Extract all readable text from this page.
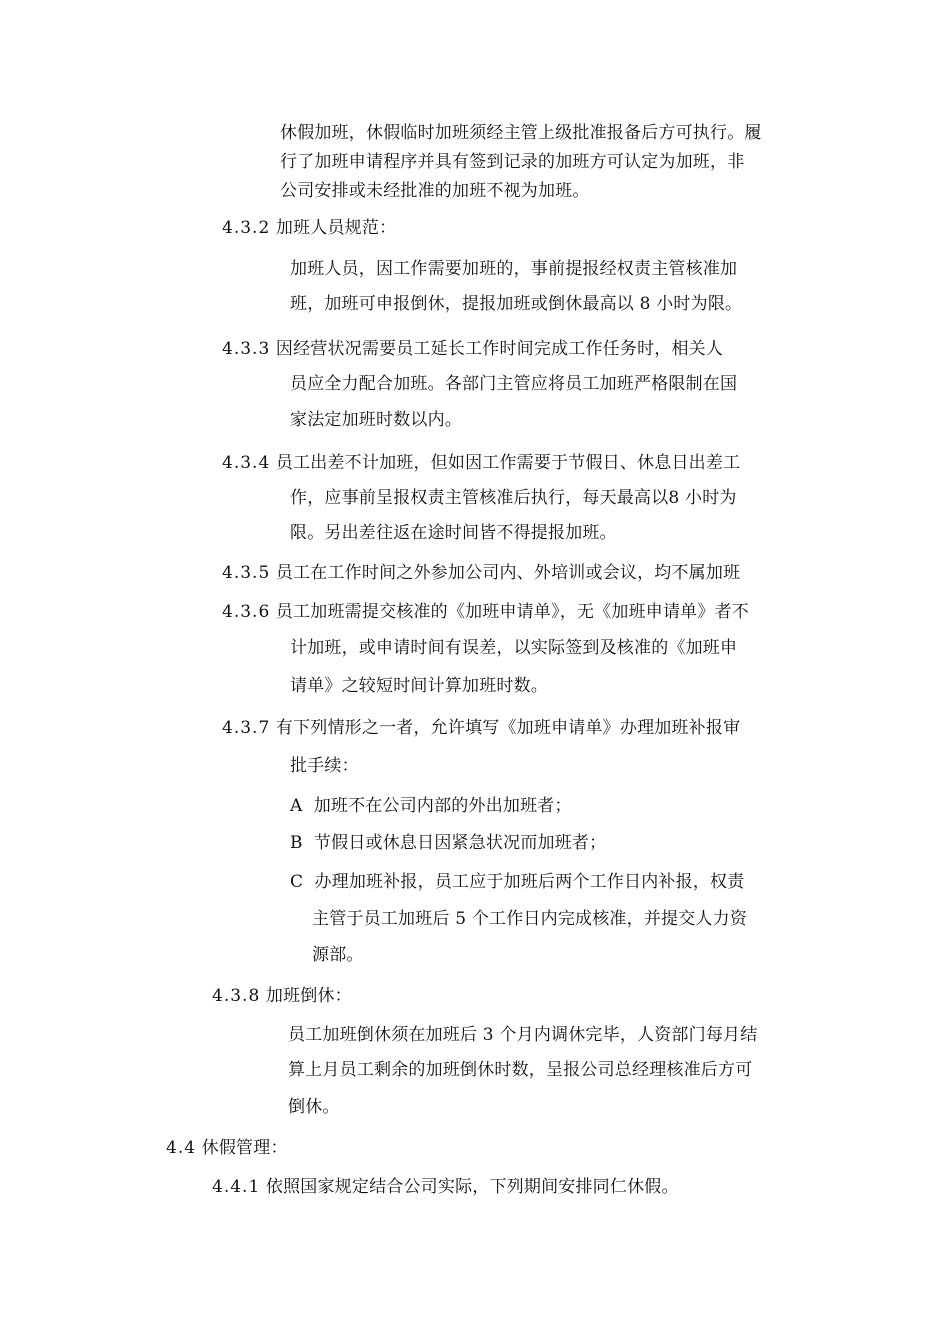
休假加班，休假临时加班须经主管上级批准报备后方可执行。履
行了加班申请程序并具有签到记录的加班方可认定为加班，非
公司安排或未经批准的加班不视为加班。
4.3.2 加班人员规范：
加班人员，因工作需要加班的，事前提报经权责主管核准加
班，加班可申报倒休，提报加班或倒休最高以 8 小时为限。
4.3.3 因经营状况需要员工延长工作时间完成工作任务时，相关人
员应全力配合加班。各部门主管应将员工加班严格限制在国
家法定加班时数以内。
4.3.4 员工出差不计加班，但如因工作需要于节假日、休息日出差工
作，应事前呈报权责主管核准后执行，每天最高以8 小时为
限。另出差往返在途时间皆不得提报加班。
4.3.5 员工在工作时间之外参加公司内、外培训或会议，均不属加班
4.3.6 员工加班需提交核准的《加班申请单》，无《加班申请单》者不
计加班，或申请时间有误差，以实际签到及核准的《加班申
请单》之较短时间计算加班时数。
4.3.7 有下列情形之一者，允许填写《加班申请单》办理加班补报审
批手续：
A 加班不在公司内部的外出加班者；
B 节假日或休息日因紧急状况而加班者；
C 办理加班补报，员工应于加班后两个工作日内补报，权责
主管于员工加班后 5 个工作日内完成核准，并提交人力资
源部。
4.3.8 加班倒休：
员工加班倒休须在加班后 3 个月内调休完毕，人资部门每月结
算上月员工剩余的加班倒休时数，呈报公司总经理核准后方可
倒休。
4.4 休假管理：
4.4.1 依照国家规定结合公司实际，下列期间安排同仁休假。
